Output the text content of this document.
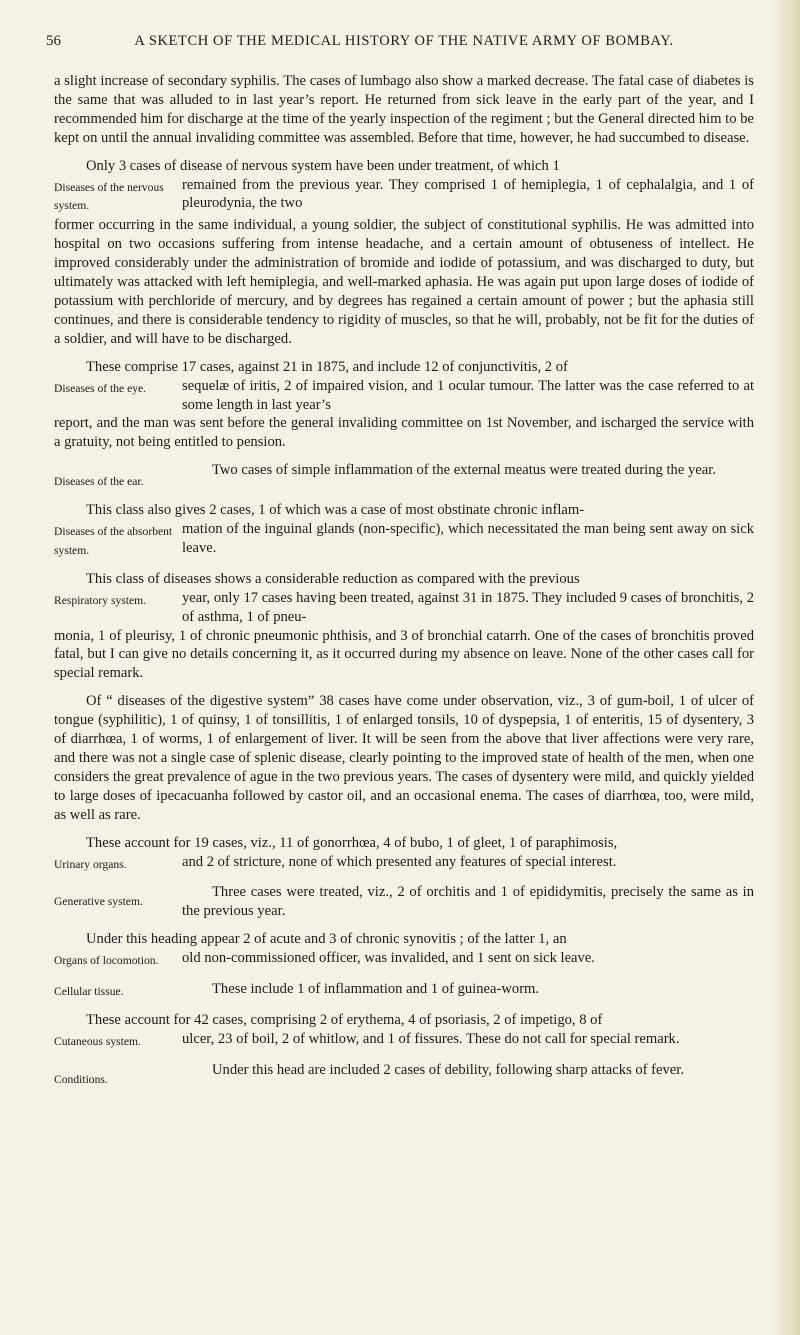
56	A SKETCH OF THE MEDICAL HISTORY OF THE NATIVE ARMY OF BOMBAY.

a slight increase of secondary syphilis. The cases of lumbago also show a marked decrease. The fatal case of diabetes is the same that was alluded to in last year’s report. He returned from sick leave in the early part of the year, and I recommended him for discharge at the time of the yearly inspection of the regiment ; but the General directed him to be kept on until the annual invaliding committee was assembled. Before that time, however, he had succumbed to disease.

Only 3 cases of disease of nervous system have been under treatment, of which 1

Diseases of the nervous system.
remained from the previous year. They comprised 1 of hemiplegia, 1 of cephalalgia, and 1 of pleurodynia, the two

former occurring in the same individual, a young soldier, the subject of constitutional syphilis. He was admitted into hospital on two occasions suffering from intense headache, and a certain amount of obtuseness of intellect. He improved considerably under the administration of bromide and iodide of potassium, and was discharged to duty, but ultimately was attacked with left hemiplegia, and well-marked aphasia. He was again put upon large doses of iodide of potassium with perchloride of mercury, and by degrees has regained a certain amount of power ; but the aphasia still continues, and there is considerable tendency to rigidity of muscles, so that he will, probably, not be fit for the duties of a soldier, and will have to be discharged.

These comprise 17 cases, against 21 in 1875, and include 12 of conjunctivitis, 2 of

Diseases of the eye.	sequelæ of iritis, 2 of impaired vision, and 1 ocular tumour. The latter was the case referred to at some length in last year’s

report, and the man was sent before the general invaliding committee on 1st November, and ischarged the service with a gratuity, not being entitled to pension.

Diseases of the ear.
Two cases of simple inflammation of the external meatus were treated during the year.

This class also gives 2 cases, 1 of which was a case of most obstinate chronic inflam-

Diseases of the absorbent system.
mation of the inguinal glands (non-specific), which necessitated the man being sent away on sick leave.

This class of diseases shows a considerable reduction as compared with the previous

Respiratory system.	year, only 17 cases having been treated, against 31 in 1875. They included 9 cases of bronchitis, 2 of asthma, 1 of pneu-

monia, 1 of pleurisy, 1 of chronic pneumonic phthisis, and 3 of bronchial catarrh. One of the cases of bronchitis proved fatal, but I can give no details concerning it, as it occurred during my absence on leave. None of the other cases call for special remark.

Of “ diseases of the digestive system” 38 cases have come under observation, viz., 3 of gum-boil, 1 of ulcer of tongue (syphilitic), 1 of quinsy, 1 of tonsillitis, 1 of enlarged tonsils, 10 of dyspepsia, 1 of enteritis, 15 of dysentery, 3 of diarrhœa, 1 of worms, 1 of enlargement of liver. It will be seen from the above that liver affections were very rare, and there was not a single case of splenic disease, clearly pointing to the improved state of health of the men, when one considers the great prevalence of ague in the two previous years. The cases of dysentery were mild, and quickly yielded to large doses of ipecacuanha followed by castor oil, and an occasional enema. The cases of diarrhœa, too, were mild, as well as rare.

These account for 19 cases, viz., 11 of gonorrhœa, 4 of bubo, 1 of gleet, 1 of paraphimosis,

Urinary organs.	and 2 of stricture, none of which presented any features of special interest.
Generative system.
Three cases were treated, viz., 2 of orchitis and 1 of epididymitis, precisely the same as in the previous year.

Under this heading appear 2 of acute and 3 of chronic synovitis ; of the latter 1, an

Organs of locomotion.	old non-commissioned officer, was invalided, and 1 sent on sick leave.
Cellular tissue.	These include 1 of inflammation and 1 of guinea-worm.

These account for 42 cases, comprising 2 of erythema, 4 of psoriasis, 2 of impetigo, 8 of

Cutaneous system.	ulcer, 23 of boil, 2 of whitlow, and 1 of fissures. These do not call for special remark.
Conditions.
Under this head are included 2 cases of debility, following sharp attacks of fever.
